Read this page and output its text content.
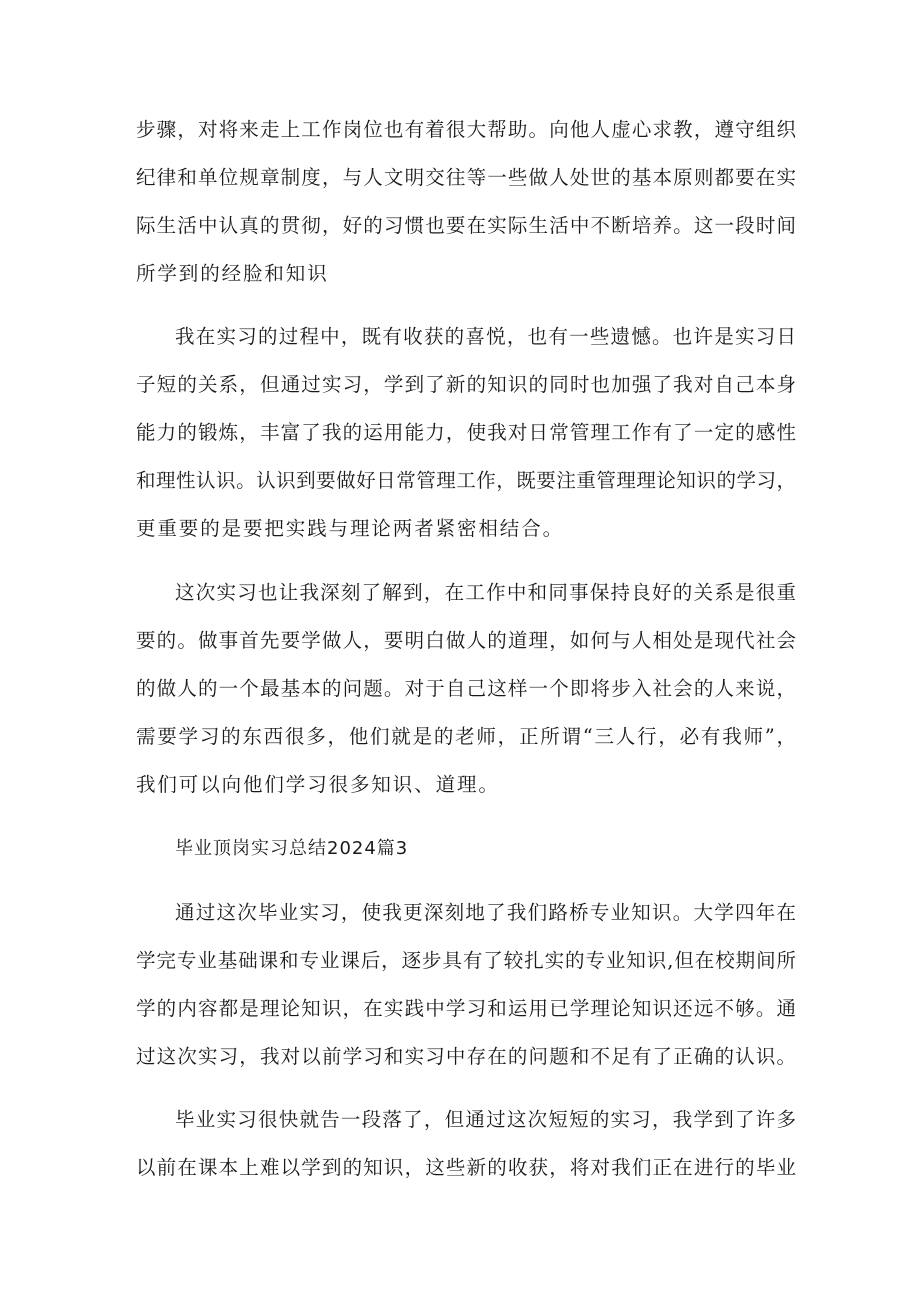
步骤，对将来走上工作岗位也有着很大帮助。向他人虚心求教，遵守组织

纪律和单位规章制度，与人文明交往等一些做人处世的基本原则都要在实

际生活中认真的贯彻，好的习惯也要在实际生活中不断培养。这一段时间

所学到的经脸和知识

我在实习的过程中，既有收获的喜悦，也有一些遗憾。也许是实习日

子短的关系，但通过实习，学到了新的知识的同时也加强了我对自己本身

能力的锻炼，丰富了我的运用能力，使我对日常管理工作有了一定的感性

和理性认识。认识到要做好日常管理工作，既要注重管理理论知识的学习，

更重要的是要把实践与理论两者紧密相结合。

这次实习也让我深刻了解到，在工作中和同事保持良好的关系是很重

要的。做事首先要学做人，要明白做人的道理，如何与人相处是现代社会

的做人的一个最基本的问题。对于自己这样一个即将步入社会的人来说，

需要学习的东西很多，他们就是的老师，正所谓“三人行，必有我师”，

我们可以向他们学习很多知识、道理。

毕业顶岗实习总结2024篇3

通过这次毕业实习，使我更深刻地了我们路桥专业知识。大学四年在

学完专业基础课和专业课后，逐步具有了较扎实的专业知识,但在校期间所

学的内容都是理论知识，在实践中学习和运用已学理论知识还远不够。通

过这次实习，我对以前学习和实习中存在的问题和不足有了正确的认识。

毕业实习很快就告一段落了，但通过这次短短的实习，我学到了许多

以前在课本上难以学到的知识，这些新的收获，将对我们正在进行的毕业
